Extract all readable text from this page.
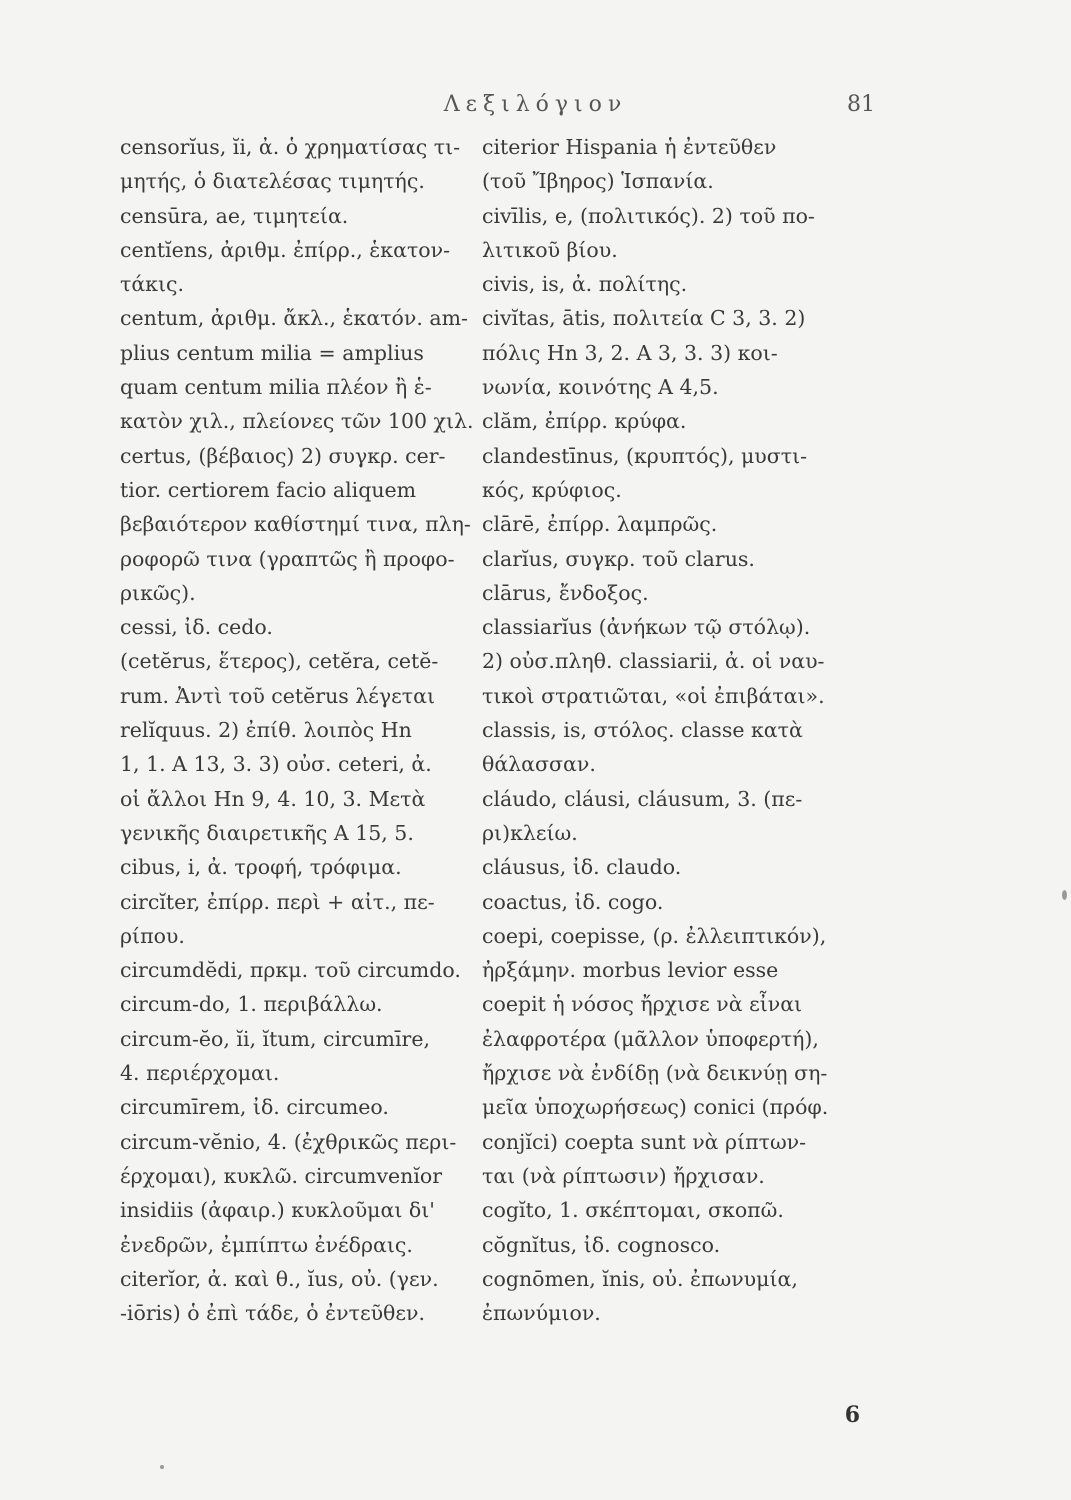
Λεξιλόγιον	81
censorĭus, ĭi, ἀ. ὁ χρηματίσας τι-
μητής, ὁ διατελέσας τιμητής.
censūra, ae, τιμητεία.
centĭens, ἀριθμ. ἐπίρρ., ἑκατον-
τάκις.
centum, ἀριθμ. ἄκλ., ἑκατόν. am-
plius centum milia = amplius
quam centum milia πλέον ἢ ἑ-
κατὸν χιλ., πλείονες τῶν 100 χιλ.
certus, (βέβαιος) 2) συγκρ. cer-
tior. certiorem facio aliquem
βεβαιότερον καθίστημί τινα, πλη-
ροφορῶ τινα (γραπτῶς ἢ προφο-
ρικῶς).
cessi, ἰδ. cedo.
(cetĕrus, ἕτερος), cetĕra, cetĕ-
rum. Ἀντὶ τοῦ cetĕrus λέγεται
relĭquus. 2) ἐπίθ. λοιπὸς Hn
1, 1. A 13, 3. 3) οὐσ. ceteri, ἀ.
οἱ ἄλλοι Hn 9, 4. 10, 3. Μετὰ
γενικῆς διαιρετικῆς A 15, 5.
cibus, i, ἀ. τροφή, τρόφιμα.
circĭter, ἐπίρρ. περὶ + αἰτ., πε-
ρίπου.
circumdĕdi, πρκμ. τοῦ circumdo.
circum-do, 1. περιβάλλω.
circum-ĕo, ĭi, ĭtum, circumīre,
4. περιέρχομαι.
circumīrem, ἰδ. circumeo.
circum-vĕnio, 4. (ἐχθρικῶς περι-
έρχομαι), κυκλῶ. circumvenĭor
insidiis (ἀφαιρ.) κυκλοῦμαι δι'
ἐνεδρῶν, ἐμπίπτω ἐνέδραις.
citerĭor, ἀ. καὶ θ., ĭus, οὐ. (γεν.
-iōris) ὁ ἐπὶ τάδε, ὁ ἐντεῦθεν.
citerior Hispania ἡ ἐντεῦθεν
(τοῦ Ἴβηρος) Ἱσπανία.
civīlis, e, (πολιτικός). 2) τοῦ πο-
λιτικοῦ βίου.
civis, is, ἀ. πολίτης.
civĭtas, ātis, πολιτεία C 3, 3. 2)
πόλις Hn 3, 2. A 3, 3. 3) κοι-
νωνία, κοινότης A 4,5.
clăm, ἐπίρρ. κρύφα.
clandestīnus, (κρυπτός), μυστι-
κός, κρύφιος.
clārē, ἐπίρρ. λαμπρῶς.
clarĭus, συγκρ. τοῦ clarus.
clārus, ἔνδοξος.
classiarĭus (ἀνήκων τῷ στόλῳ).
2) οὐσ.πληθ. classiarii, ἀ. οἱ ναυ-
τικοὶ στρατιῶται, «οἱ ἐπιβάται».
classis, is, στόλος. classe κατὰ
θάλασσαν.
cláudo, cláusi, cláusum, 3. (πε-
ρι)κλείω.
cláusus, ἰδ. claudo.
coactus, ἰδ. cogo.
coepi, coepisse, (ρ. ἐλλειπτικόν),
ἠρξάμην. morbus levior esse
coepit ἡ νόσος ἤρχισε νὰ εἶναι
ἐλαφροτέρα (μᾶλλον ὑποφερτή),
ἤρχισε νὰ ἐνδίδῃ (νὰ δεικνύῃ ση-
μεῖα ὑποχωρήσεως) conici (πρόφ.
conjĭci) coepta sunt νὰ ρίπτων-
ται (νὰ ρίπτωσιν) ἤρχισαν.
cogĭto, 1. σκέπτομαι, σκοπῶ.
cŏgnĭtus, ἰδ. cognosco.
cognōmen, ĭnis, οὐ. ἐπωνυμία,
ἐπωνύμιον.
6
